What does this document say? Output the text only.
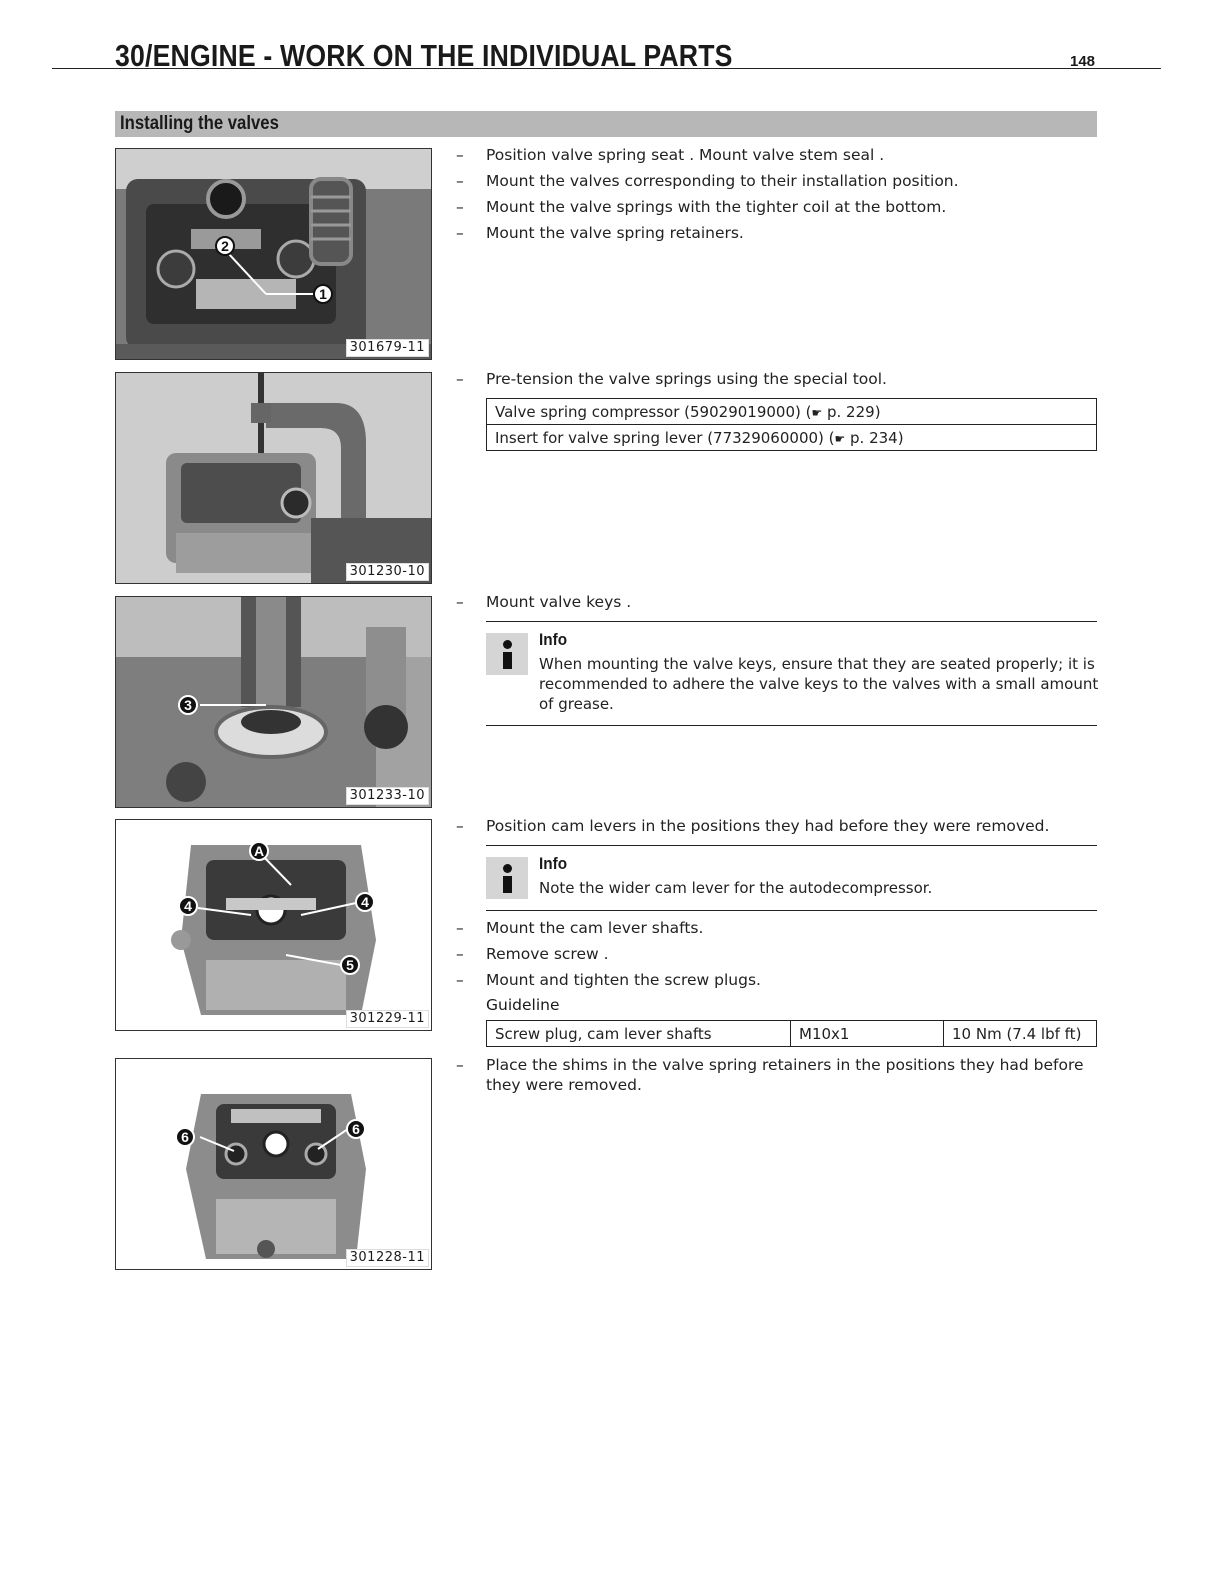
30/ENGINE - WORK ON THE INDIVIDUAL PARTS	148
Installing the valves
2
1
301679-11
301230-10
3
301233-10
A
4	4
5
301229-11
6	6
301228-11
– Position valve spring seat . Mount valve stem seal .
– Mount the valves corresponding to their installation position.
– Mount the valve springs with the tighter coil at the bottom.
– Mount the valve spring retainers.
– Pre-tension the valve springs using the special tool.
Valve spring compressor (59029019000) (☛ p. 229)
Insert for valve spring lever (77329060000) (☛ p. 234)
– Mount valve keys .
Info
When mounting the valve keys, ensure that they are seated properly; it is recommended to adhere the valve keys to the valves with a small amount of grease.
– Position cam levers in the positions they had before they were removed.
Info
Note the wider cam lever for the autodecompressor.
– Mount the cam lever shafts.
– Remove screw .
– Mount and tighten the screw plugs.
Guideline
Screw plug, cam lever shafts	M10x1	10 Nm (7.4 lbf ft)
– Place the shims in the valve spring retainers in the positions they had before they were removed.
